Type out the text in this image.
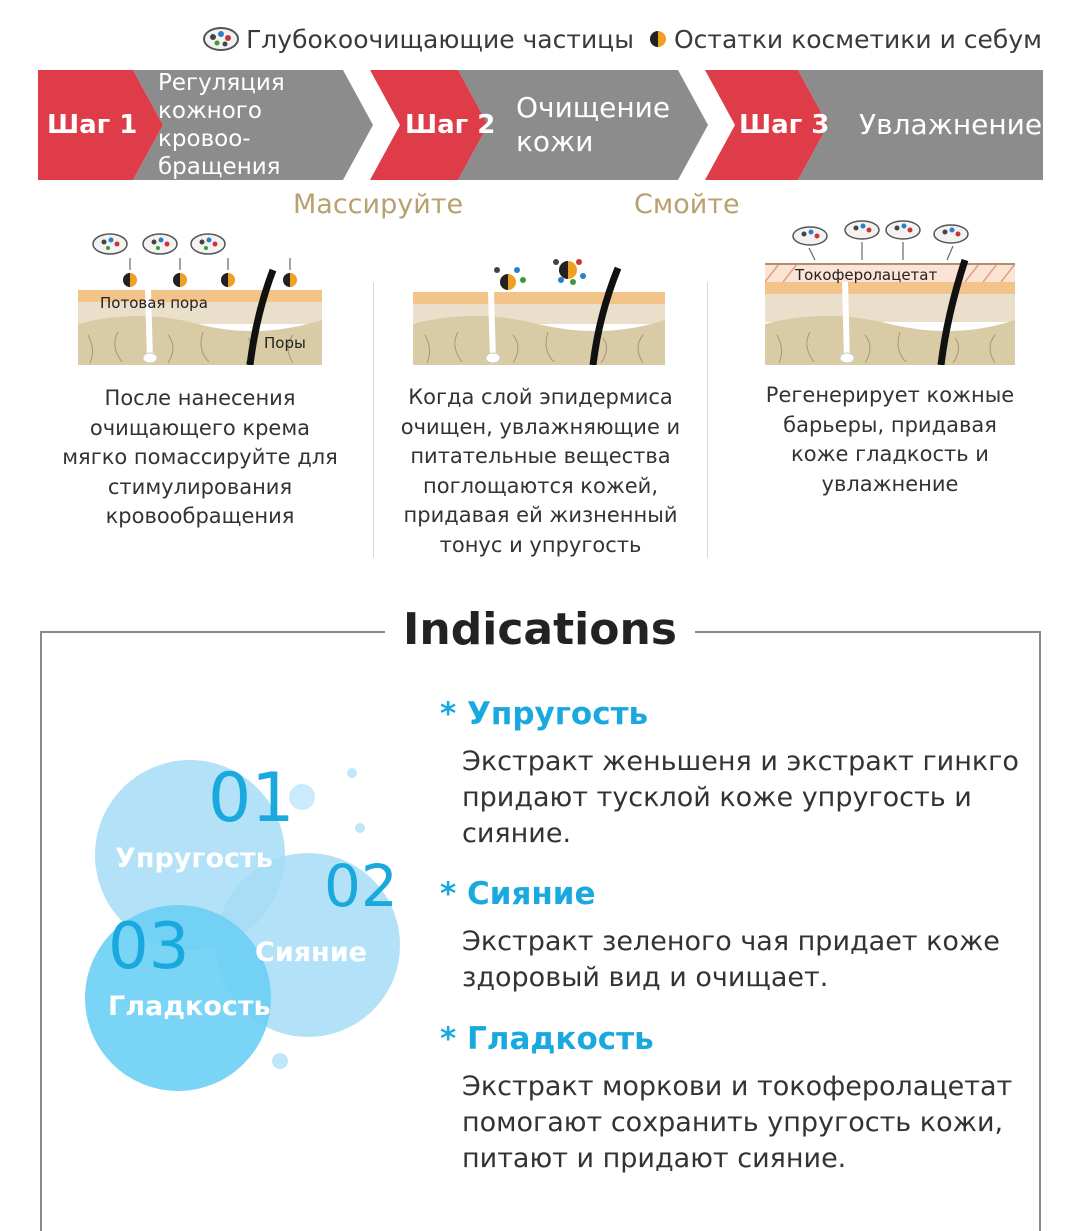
Глубокоочищающие частицы Остатки косметики и себум
Шаг 1
Регуляция
кожного кровоо-
бращения
Шаг 2
Очищение
кожи	Шаг 3 Увлажнение
Массируйте	Смойте
Потовая пора
Поры
Токоферолацетат
После нанесения
очищающего крема
мягко помассируйте для
стимулирования
кровообращения
Когда слой эпидермиса
очищен, увлажняющие и
питательные вещества
поглощаются кожей,
придавая ей жизненный
тонус и упругость
Регенерирует кожные
барьеры, придавая
коже гладкость и
увлажнение
Indications
01
Упругость 02
Сияние
03
Гладкость
* Упругость
Экстракт женьшеня и экстракт гинкго
придают тусклой коже упругость и
сияние.
* Сияние
Экстракт зеленого чая придает коже
здоровый вид и очищает.
* Гладкость
Экстракт моркови и токоферолацетат
помогают сохранить упругость кожи,
питают и придают сияние.
